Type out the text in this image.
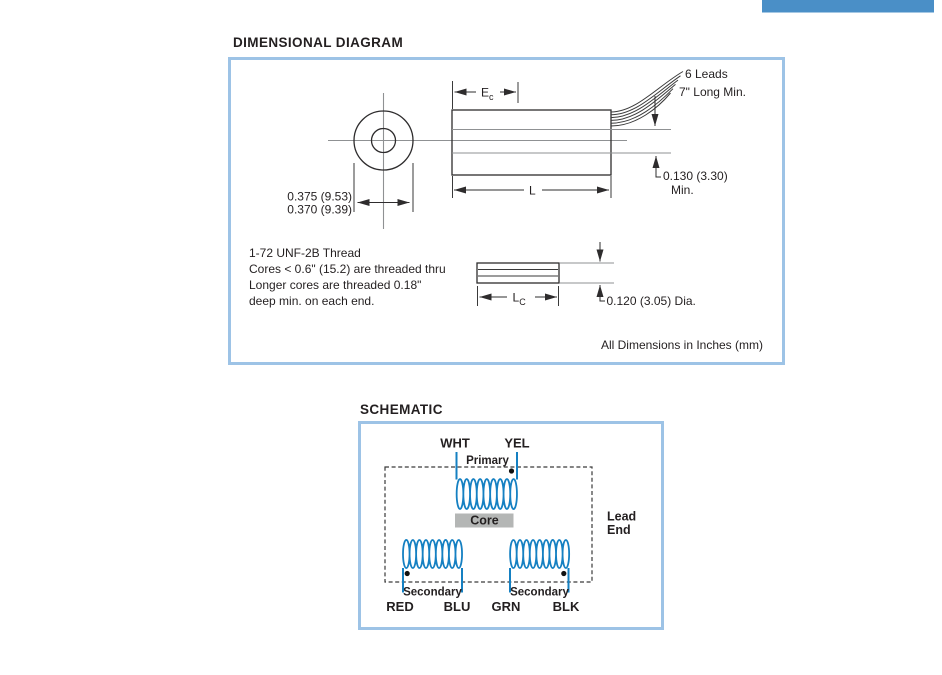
DIMENSIONAL DIAGRAM
0.375 (9.53)
0.370 (9.39)
$E_c$
L
6 Leads
7" Long Min.
0.130 (3.30)
Min.
0.120 (3.05) Dia.
$L_C$
1-72 UNF-2B Thread
Cores < 0.6" (15.2) are threaded thru
Longer cores are threaded 0.18"
deep min. on each end.
All Dimensions in Inches (mm)
SCHEMATIC
Core
WHT	YEL
Primary
Secondary	Secondary
RED BLU GRN BLK
Lead
End
